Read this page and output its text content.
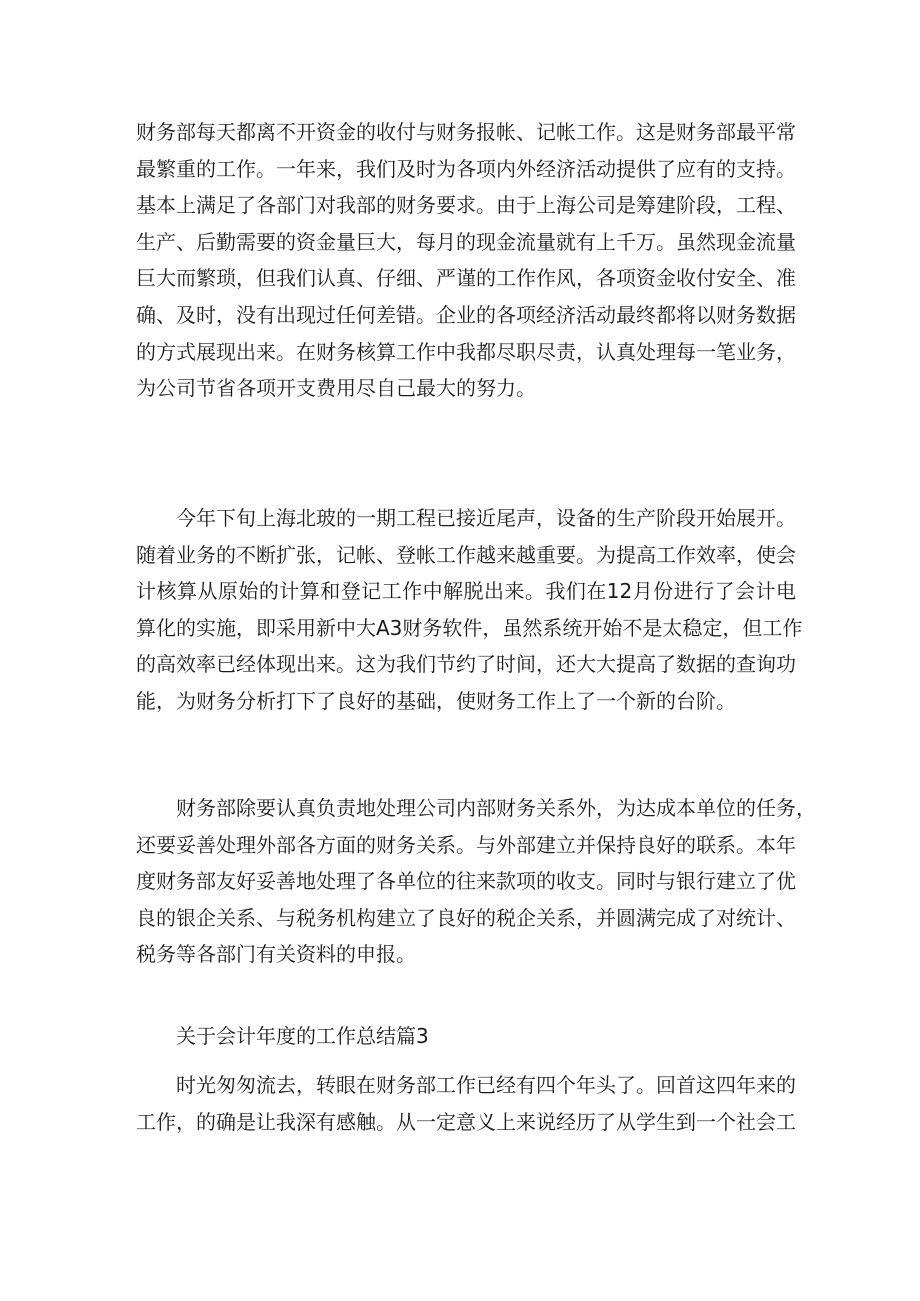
财务部每天都离不开资金的收付与财务报帐、记帐工作。这是财务部最平常
最繁重的工作。一年来，我们及时为各项内外经济活动提供了应有的支持。
基本上满足了各部门对我部的财务要求。由于上海公司是筹建阶段，工程、
生产、后勤需要的资金量巨大，每月的现金流量就有上千万。虽然现金流量
巨大而繁琐，但我们认真、仔细、严谨的工作作风，各项资金收付安全、准
确、及时，没有出现过任何差错。企业的各项经济活动最终都将以财务数据
的方式展现出来。在财务核算工作中我都尽职尽责，认真处理每一笔业务，
为公司节省各项开支费用尽自己最大的努力。

今年下旬上海北玻的一期工程已接近尾声，设备的生产阶段开始展开。
随着业务的不断扩张，记帐、登帐工作越来越重要。为提高工作效率，使会
计核算从原始的计算和登记工作中解脱出来。我们在12月份进行了会计电
算化的实施，即采用新中大A3财务软件，虽然系统开始不是太稳定，但工作
的高效率已经体现出来。这为我们节约了时间，还大大提高了数据的查询功
能，为财务分析打下了良好的基础，使财务工作上了一个新的台阶。

财务部除要认真负责地处理公司内部财务关系外，为达成本单位的任务，
还要妥善处理外部各方面的财务关系。与外部建立并保持良好的联系。本年
度财务部友好妥善地处理了各单位的往来款项的收支。同时与银行建立了优
良的银企关系、与税务机构建立了良好的税企关系，并圆满完成了对统计、
税务等各部门有关资料的申报。

关于会计年度的工作总结篇3

时光匆匆流去，转眼在财务部工作已经有四个年头了。回首这四年来的
工作，的确是让我深有感触。从一定意义上来说经历了从学生到一个社会工
